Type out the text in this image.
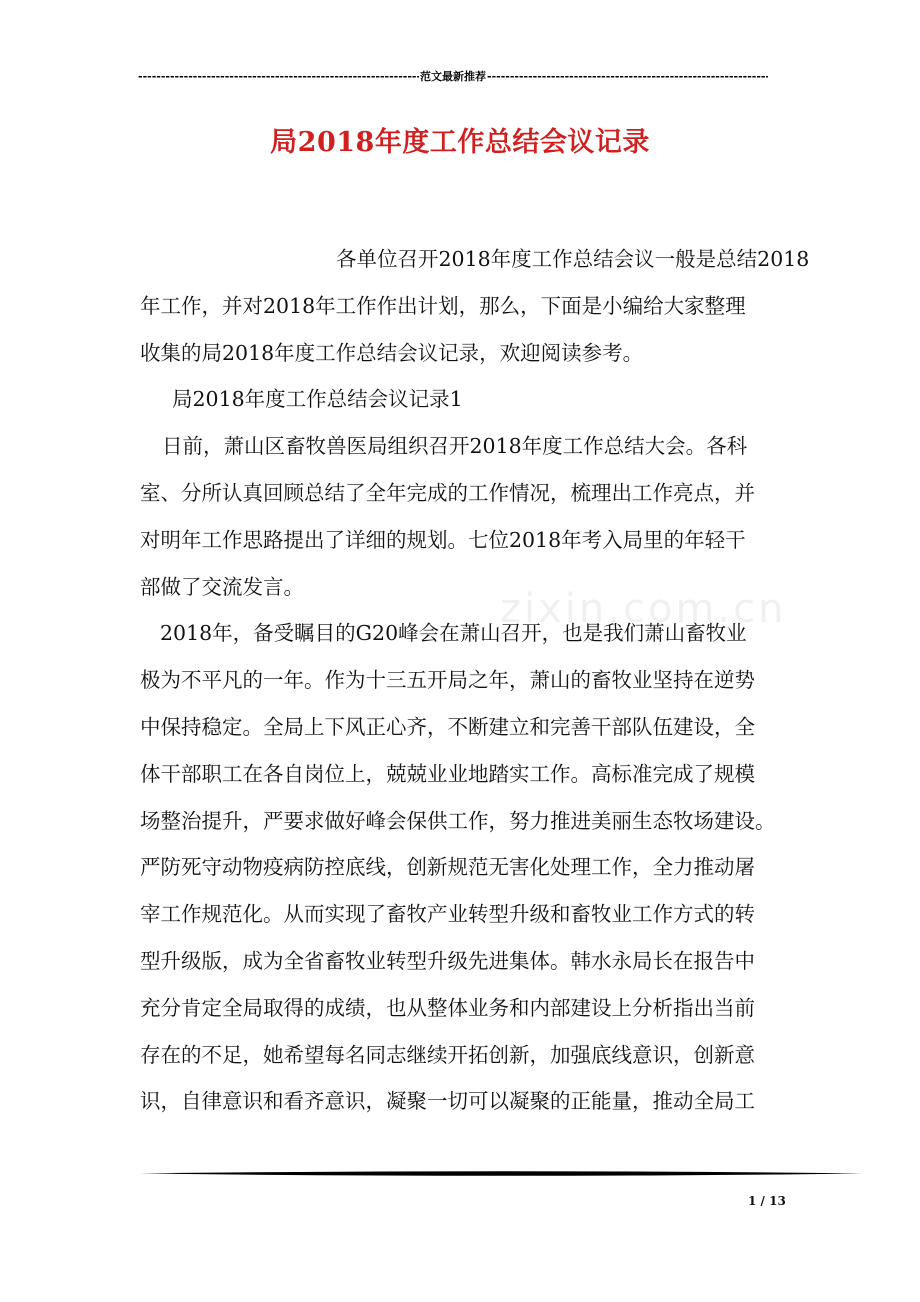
-----
范文最新推荐
-----
局2018年度工作总结会议记录
zixin.com.cn
各单位召开2018年度工作总结会议一般是总结2018
年工作，并对2018年工作作出计划，那么，下面是小编给大家整理
收集的局2018年度工作总结会议记录，欢迎阅读参考。
局2018年度工作总结会议记录1
日前，萧山区畜牧兽医局组织召开2018年度工作总结大会。各科
室、分所认真回顾总结了全年完成的工作情况，梳理出工作亮点，并
对明年工作思路提出了详细的规划。七位2018年考入局里的年轻干
部做了交流发言。
2018年，备受瞩目的G20峰会在萧山召开，也是我们萧山畜牧业
极为不平凡的一年。作为十三五开局之年，萧山的畜牧业坚持在逆势
中保持稳定。全局上下风正心齐，不断建立和完善干部队伍建设，全
体干部职工在各自岗位上，兢兢业业地踏实工作。高标准完成了规模
场整治提升，严要求做好峰会保供工作，努力推进美丽生态牧场建设。
严防死守动物疫病防控底线，创新规范无害化处理工作，全力推动屠
宰工作规范化。从而实现了畜牧产业转型升级和畜牧业工作方式的转
型升级版，成为全省畜牧业转型升级先进集体。韩水永局长在报告中
充分肯定全局取得的成绩，也从整体业务和内部建设上分析指出当前
存在的不足，她希望每名同志继续开拓创新，加强底线意识，创新意
识，自律意识和看齐意识，凝聚一切可以凝聚的正能量，推动全局工
1 / 13
